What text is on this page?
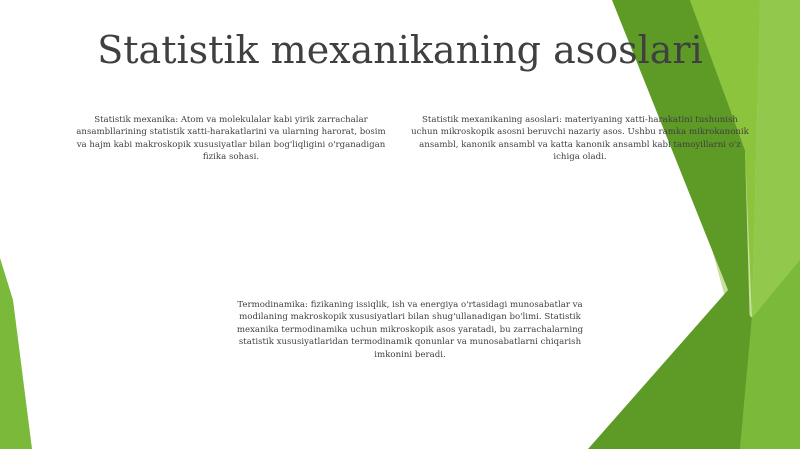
Statistik mexanikaning asoslari

Statistik mexanika: Atom va molekulalar kabi yirik zarrachalar ansambllarining statistik xatti-harakatlarini va ularning harorat, bosim va hajm kabi makroskopik xususiyatlar bilan bog'liqligini o'rganadigan fizika sohasi.

Statistik mexanikaning asoslari: materiyaning xatti-harakatini tushunish uchun mikroskopik asosni beruvchi nazariy asos. Ushbu ramka mikrokanonik ansambl, kanonik ansambl va katta kanonik ansambl kabi tamoyillarni o'z ichiga oladi.

Termodinamika: fizikaning issiqlik, ish va energiya o'rtasidagi munosabatlar va modilaning makroskopik xususiyatlari bilan shug'ullanadigan bo'limi. Statistik mexanika termodinamika uchun mikroskopik asos yaratadi, bu zarrachalarning statistik xususiyatlaridan termodinamik qonunlar va munosabatlarni chiqarish imkonini beradi.
